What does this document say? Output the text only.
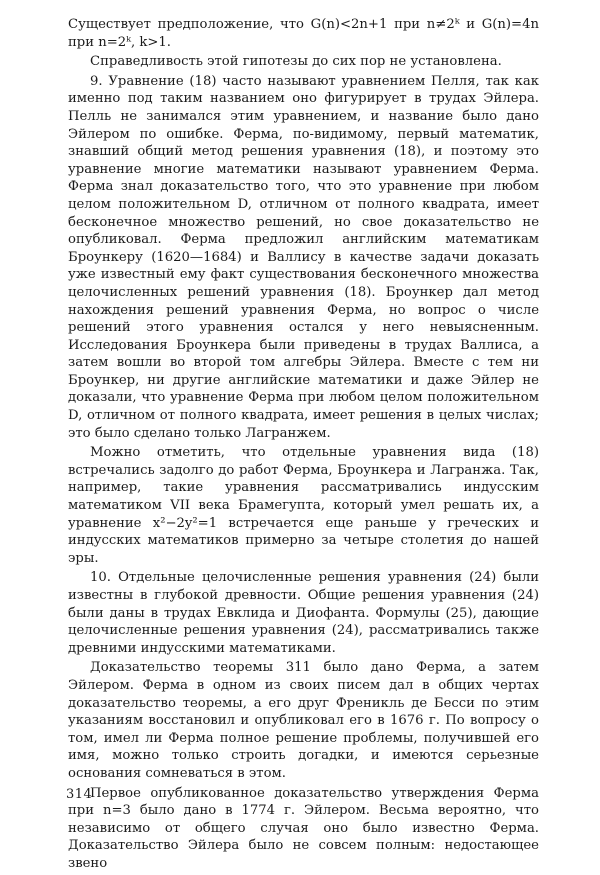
Существует предположение, что G(n)<2n+1 при n≠2ᵏ и G(n)=4n при n=2ᵏ, k>1.

Справедливость этой гипотезы до сих пор не установлена.

9. Уравнение (18) часто называют уравнением Пелля, так как именно под таким названием оно фигурирует в трудах Эйлера. Пелль не занимался этим уравнением, и название было дано Эйлером по ошибке. Ферма, по-видимому, первый математик, знавший общий метод решения уравнения (18), и поэтому это уравнение многие математики называют уравнением Ферма. Ферма знал доказательство того, что это уравнение при любом целом положительном D, отличном от полного квадрата, имеет бесконечное множество решений, но свое доказательство не опубликовал. Ферма предложил английским математикам Броункеру (1620—1684) и Валлису в качестве задачи доказать уже известный ему факт существования бесконечного множества целочисленных решений уравнения (18). Броункер дал метод нахождения решений уравнения Ферма, но вопрос о числе решений этого уравнения остался у него невыясненным. Исследования Броункера были приведены в трудах Валлиса, а затем вошли во второй том алгебры Эйлера. Вместе с тем ни Броункер, ни другие английские математики и даже Эйлер не доказали, что уравнение Ферма при любом целом положительном D, отличном от полного квадрата, имеет решения в целых числах; это было сделано только Лагранжем.

Можно отметить, что отдельные уравнения вида (18) встречались задолго до работ Ферма, Броункера и Лагранжа. Так, например, такие уравнения рассматривались индусским математиком VII века Брамегупта, который умел решать их, а уравнение x²−2y²=1 встречается еще раньше у греческих и индусских математиков примерно за четыре столетия до нашей эры.

10. Отдельные целочисленные решения уравнения (24) были известны в глубокой древности. Общие решения уравнения (24) были даны в трудах Евклида и Диофанта. Формулы (25), дающие целочисленные решения уравнения (24), рассматривались также древними индусскими математиками.

Доказательство теоремы 311 было дано Ферма, а затем Эйлером. Ферма в одном из своих писем дал в общих чертах доказательство теоремы, а его друг Френикль де Бесси по этим указаниям восстановил и опубликовал его в 1676 г. По вопросу о том, имел ли Ферма полное решение проблемы, получившей его имя, можно только строить догадки, и имеются серьезные основания сомневаться в этом.

Первое опубликованное доказательство утверждения Ферма при n=3 было дано в 1774 г. Эйлером. Весьма вероятно, что независимо от общего случая оно было известно Ферма. Доказательство Эйлера было не совсем полным: недостающее звено

314
